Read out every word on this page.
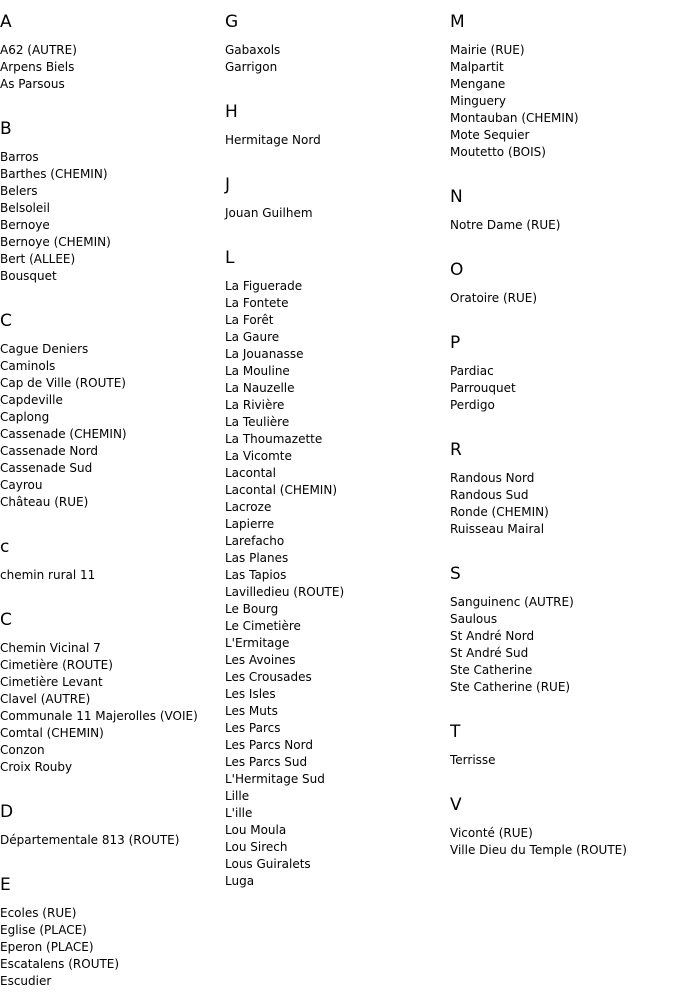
A
A62 (AUTRE)
Arpens Biels
As Parsous
B
Barros
Barthes (CHEMIN)
Belers
Belsoleil
Bernoye
Bernoye (CHEMIN)
Bert (ALLEE)
Bousquet
C
Cague Deniers
Caminols
Cap de Ville (ROUTE)
Capdeville
Caplong
Cassenade (CHEMIN)
Cassenade Nord
Cassenade Sud
Cayrou
Château (RUE)
c
chemin rural 11
C
Chemin Vicinal 7
Cimetière (ROUTE)
Cimetière Levant
Clavel (AUTRE)
Communale 11 Majerolles (VOIE)
Comtal (CHEMIN)
Conzon
Croix Rouby
D
Départementale 813 (ROUTE)
E
Ecoles (RUE)
Eglise (PLACE)
Eperon (PLACE)
Escatalens (ROUTE)
Escudier
G
Gabaxols
Garrigon
H
Hermitage Nord
J
Jouan Guilhem
L
La Figuerade
La Fontete
La Forêt
La Gaure
La Jouanasse
La Mouline
La Nauzelle
La Rivière
La Teulière
La Thoumazette
La Vicomte
Lacontal
Lacontal (CHEMIN)
Lacroze
Lapierre
Larefacho
Las Planes
Las Tapios
Lavilledieu (ROUTE)
Le Bourg
Le Cimetière
L'Ermitage
Les Avoines
Les Crousades
Les Isles
Les Muts
Les Parcs
Les Parcs Nord
Les Parcs Sud
L'Hermitage Sud
Lille
L'ille
Lou Moula
Lou Sirech
Lous Guiralets
Luga
M
Mairie (RUE)
Malpartit
Mengane
Minguery
Montauban (CHEMIN)
Mote Sequier
Moutetto (BOIS)
N
Notre Dame (RUE)
O
Oratoire (RUE)
P
Pardiac
Parrouquet
Perdigo
R
Randous Nord
Randous Sud
Ronde (CHEMIN)
Ruisseau Mairal
S
Sanguinenc (AUTRE)
Saulous
St André Nord
St André Sud
Ste Catherine
Ste Catherine (RUE)
T
Terrisse
V
Viconté (RUE)
Ville Dieu du Temple (ROUTE)
